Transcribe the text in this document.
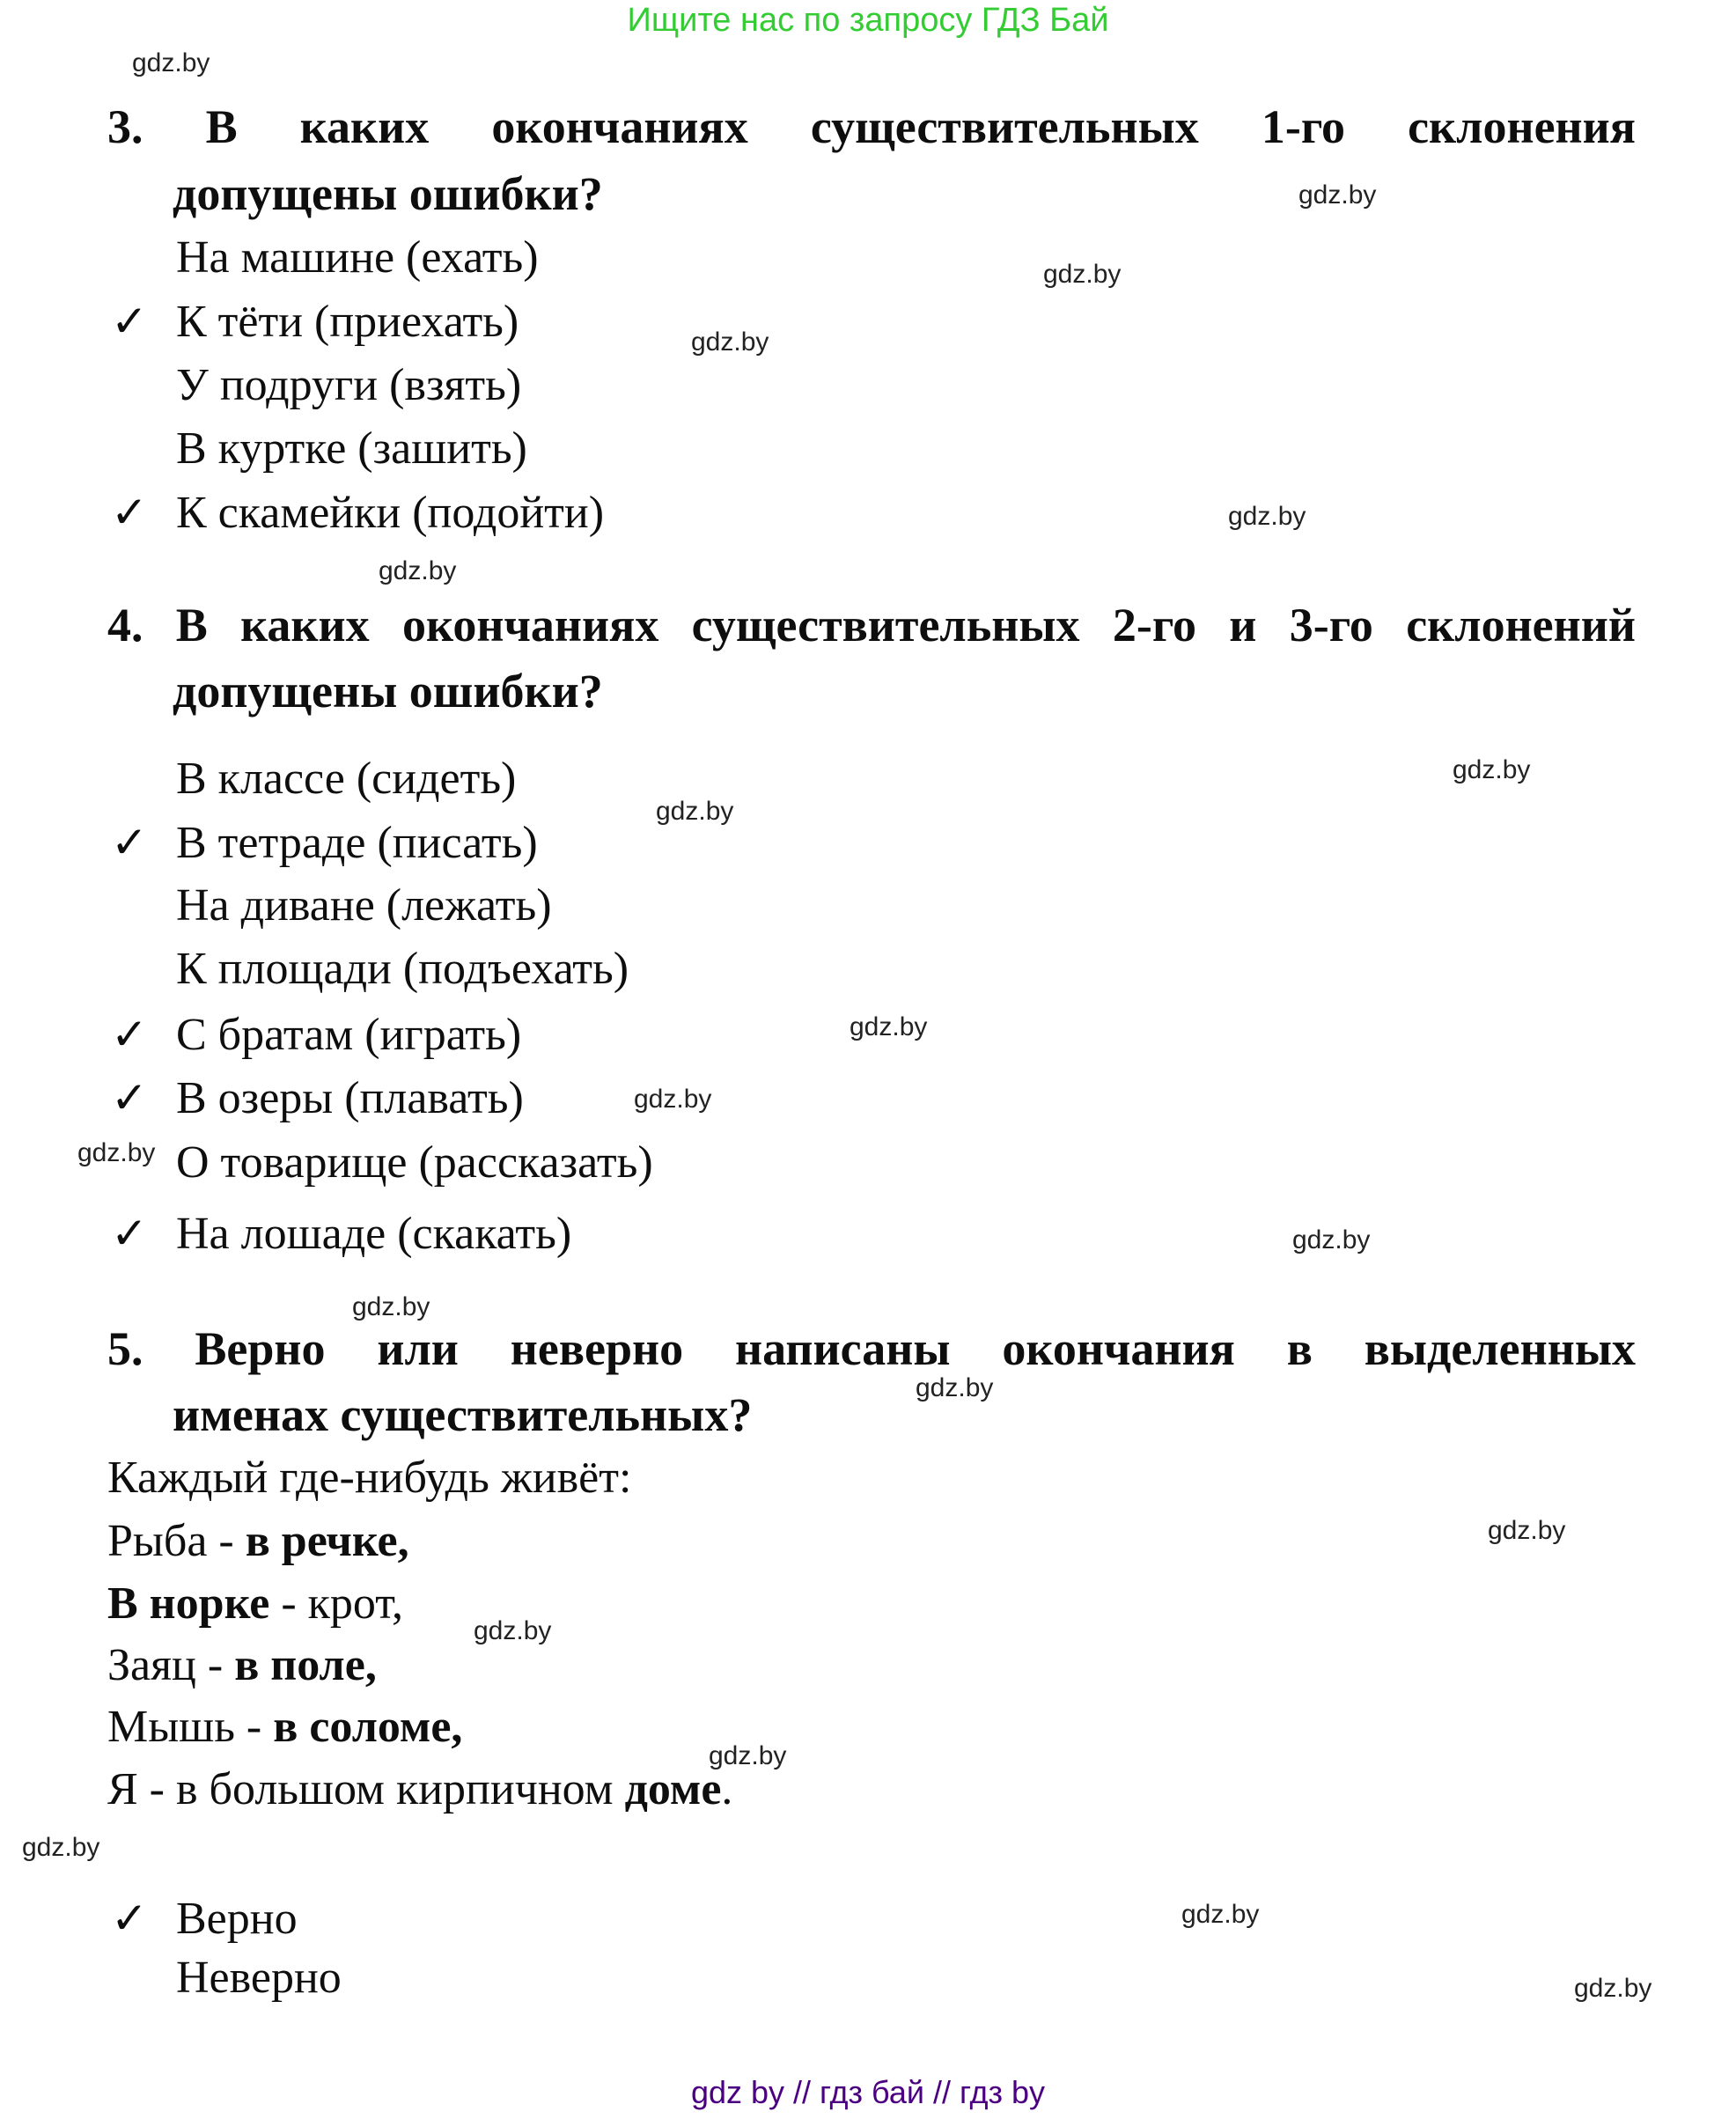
Ищите нас по запросу ГДЗ Бай
gdz.by
gdz.by
gdz.by
gdz.by
gdz.by
gdz.by
gdz.by
gdz.by
gdz.by
gdz.by
gdz.by
gdz.by
gdz.by
gdz.by
gdz.by
gdz.by
gdz.by
gdz.by
gdz.by
gdz.by
3. В каких окончаниях существительных 1-го склонения
допущены ошибки?
На машине (ехать)
✓ К тёти (приехать)
У подруги (взять)
В куртке (зашить)
✓ К скамейки (подойти)
4. В каких окончаниях существительных 2-го и 3-го склонений
допущены ошибки?
В классе (сидеть)
✓ В тетраде (писать)
На диване (лежать)
К площади (подъехать)
✓ С братам (играть)
✓ В озеры (плавать)
О товарище (рассказать)
✓ На лошаде (скакать)
5. Верно или неверно написаны окончания в выделенных
именах существительных?
Каждый где-нибудь живёт:
Рыба - в речке,
В норке - крот,
Заяц - в поле,
Мышь - в соломе,
Я - в большом кирпичном доме.
✓ Верно
Неверно
gdz by // гдз бай // гдз by
